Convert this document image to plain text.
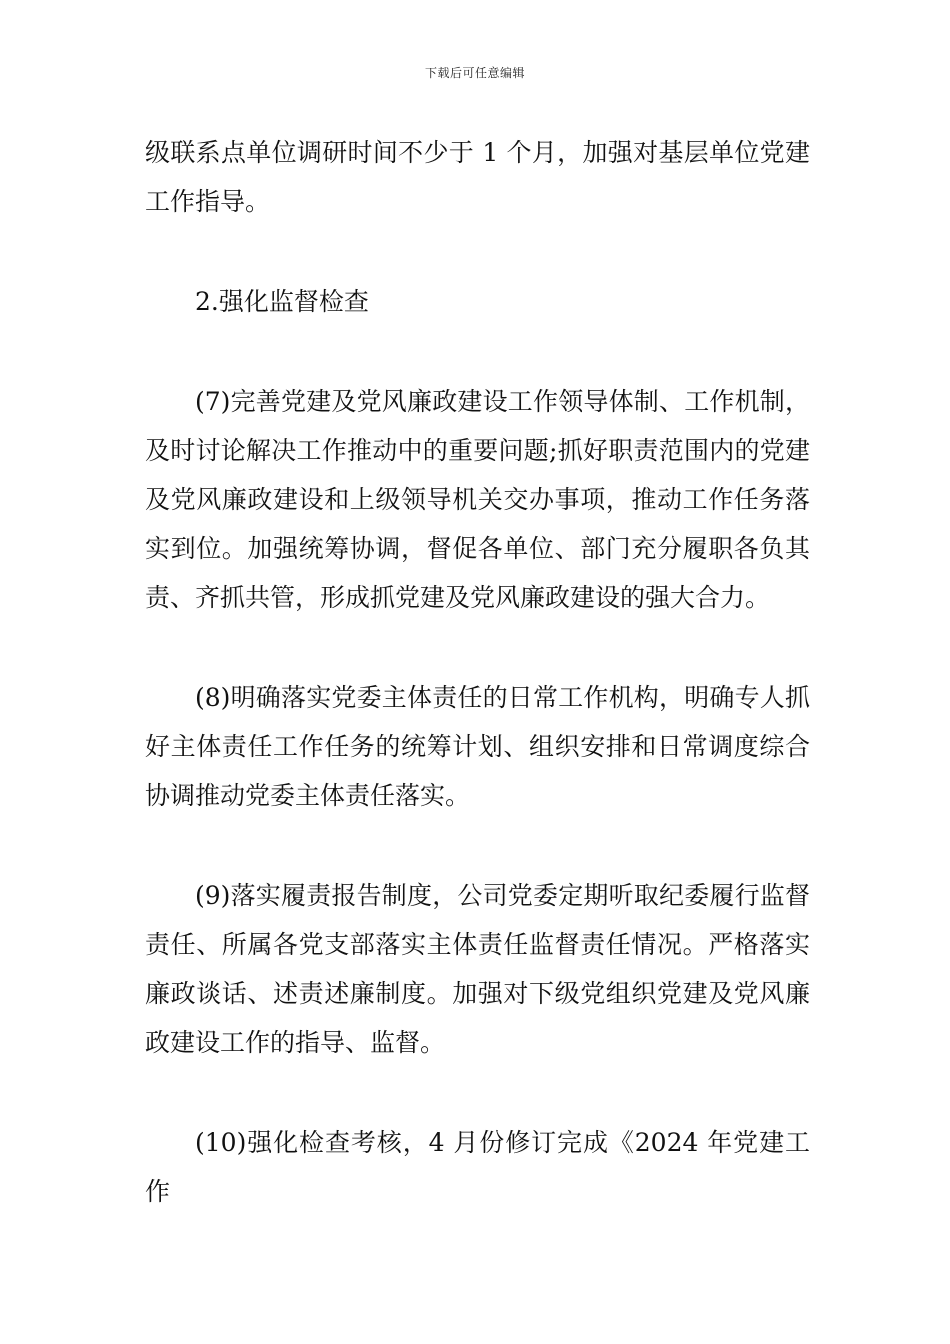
下载后可任意编辑

级联系点单位调研时间不少于 1 个月，加强对基层单位党建工作指导。

2.强化监督检查

(7)完善党建及党风廉政建设工作领导体制、工作机制，及时讨论解决工作推动中的重要问题;抓好职责范围内的党建及党风廉政建设和上级领导机关交办事项，推动工作任务落实到位。加强统筹协调，督促各单位、部门充分履职各负其责、齐抓共管，形成抓党建及党风廉政建设的强大合力。

(8)明确落实党委主体责任的日常工作机构，明确专人抓好主体责任工作任务的统筹计划、组织安排和日常调度综合协调推动党委主体责任落实。

(9)落实履责报告制度，公司党委定期听取纪委履行监督责任、所属各党支部落实主体责任监督责任情况。严格落实廉政谈话、述责述廉制度。加强对下级党组织党建及党风廉政建设工作的指导、监督。

(10)强化检查考核，4 月份修订完成《2024 年党建工作
